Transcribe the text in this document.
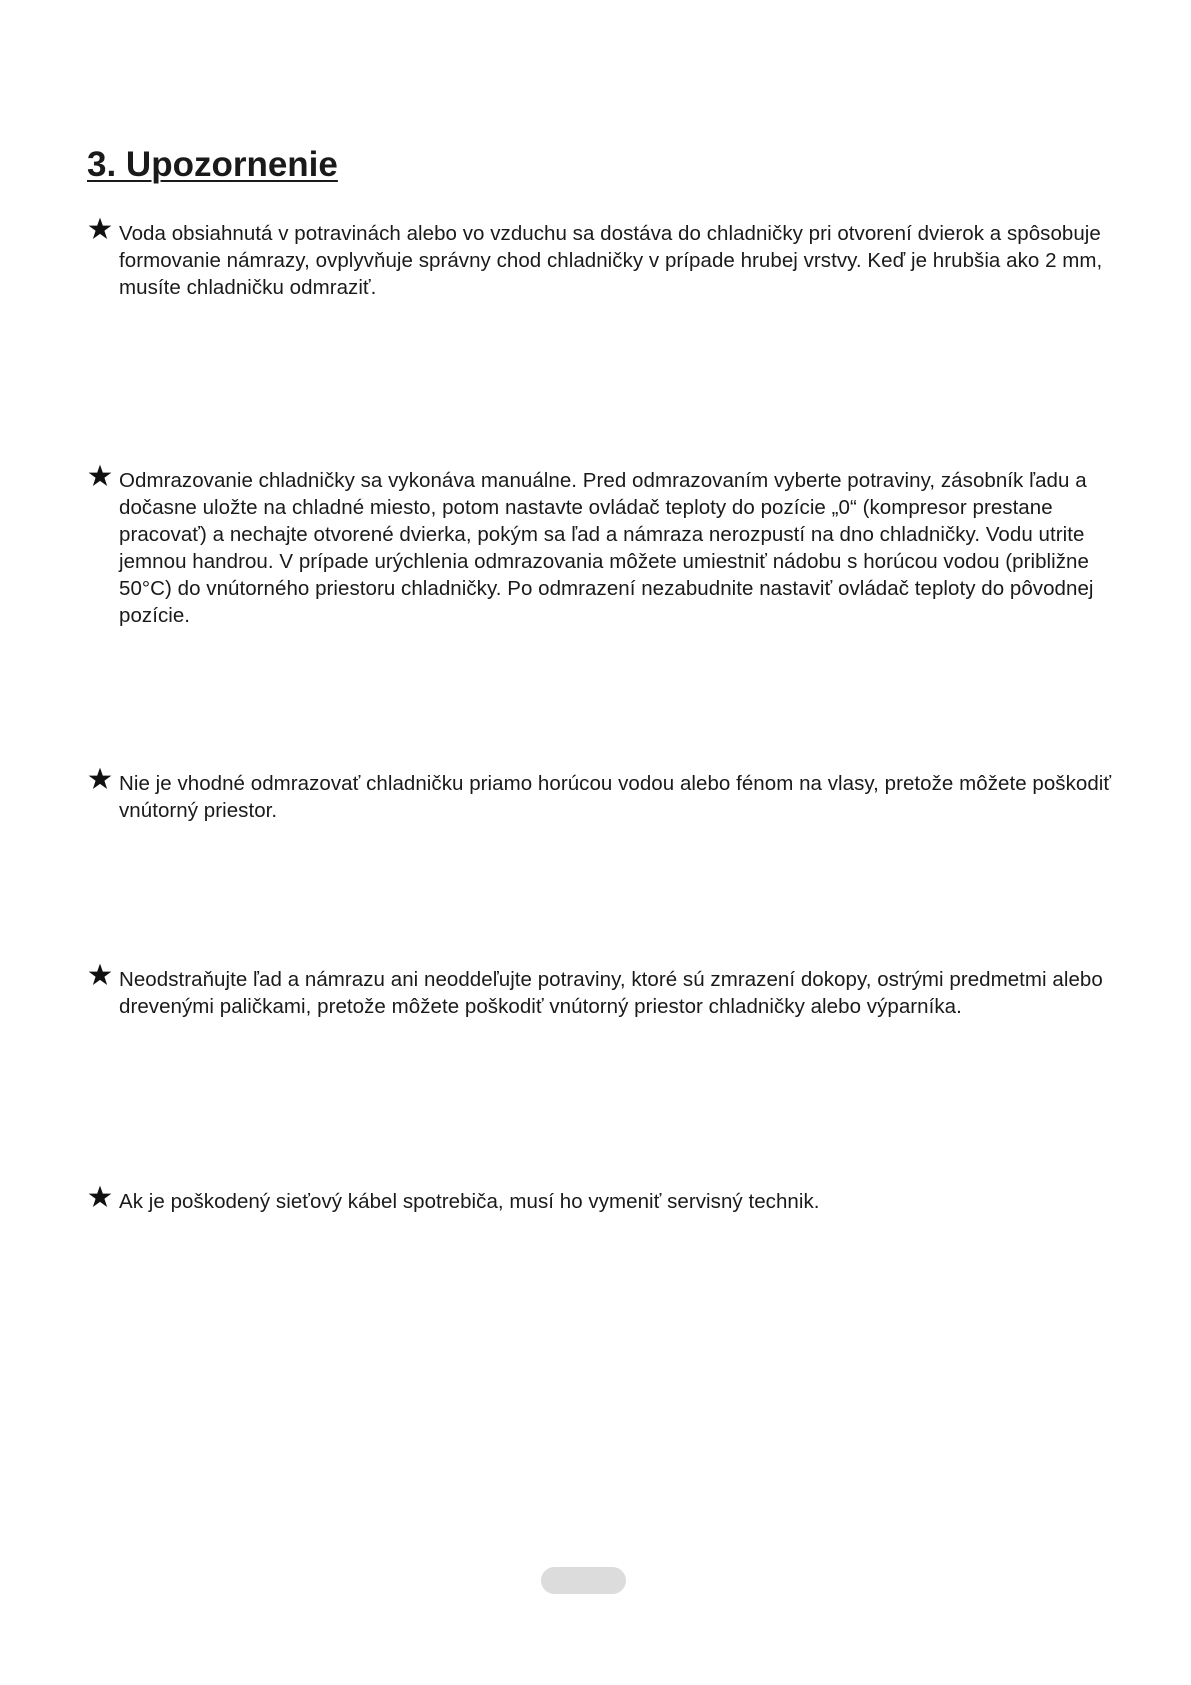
3. Upozornenie

Voda obsiahnutá v potravinách alebo vo vzduchu sa dostáva do chladničky pri otvorení dvierok a spôsobuje formovanie námrazy, ovplyvňuje správny chod chladničky v prípade hrubej vrstvy. Keď je hrubšia ako 2 mm, musíte chladničku odmraziť.

Odmrazovanie chladničky sa vykonáva manuálne. Pred odmrazovaním vyberte potraviny, zásobník ľadu a dočasne uložte na chladné miesto, potom nastavte ovládač teploty do pozície „0“ (kompresor prestane pracovať) a nechajte otvorené dvierka, pokým sa ľad a námraza nerozpustí na dno chladničky. Vodu utrite jemnou handrou. V prípade urýchlenia odmrazovania môžete umiestniť nádobu s horúcou vodou (približne 50°C) do vnútorného priestoru chladničky. Po odmrazení nezabudnite nastaviť ovládač teploty do pôvodnej pozície.

Nie je vhodné odmrazovať chladničku priamo horúcou vodou alebo fénom na vlasy, pretože môžete poškodiť vnútorný priestor.

Neodstraňujte ľad a námrazu ani neoddeľujte potraviny, ktoré sú zmrazení dokopy, ostrými predmetmi alebo drevenými paličkami, pretože môžete poškodiť vnútorný priestor chladničky alebo výparníka.

Ak je poškodený sieťový kábel spotrebiča, musí ho vymeniť servisný technik.
